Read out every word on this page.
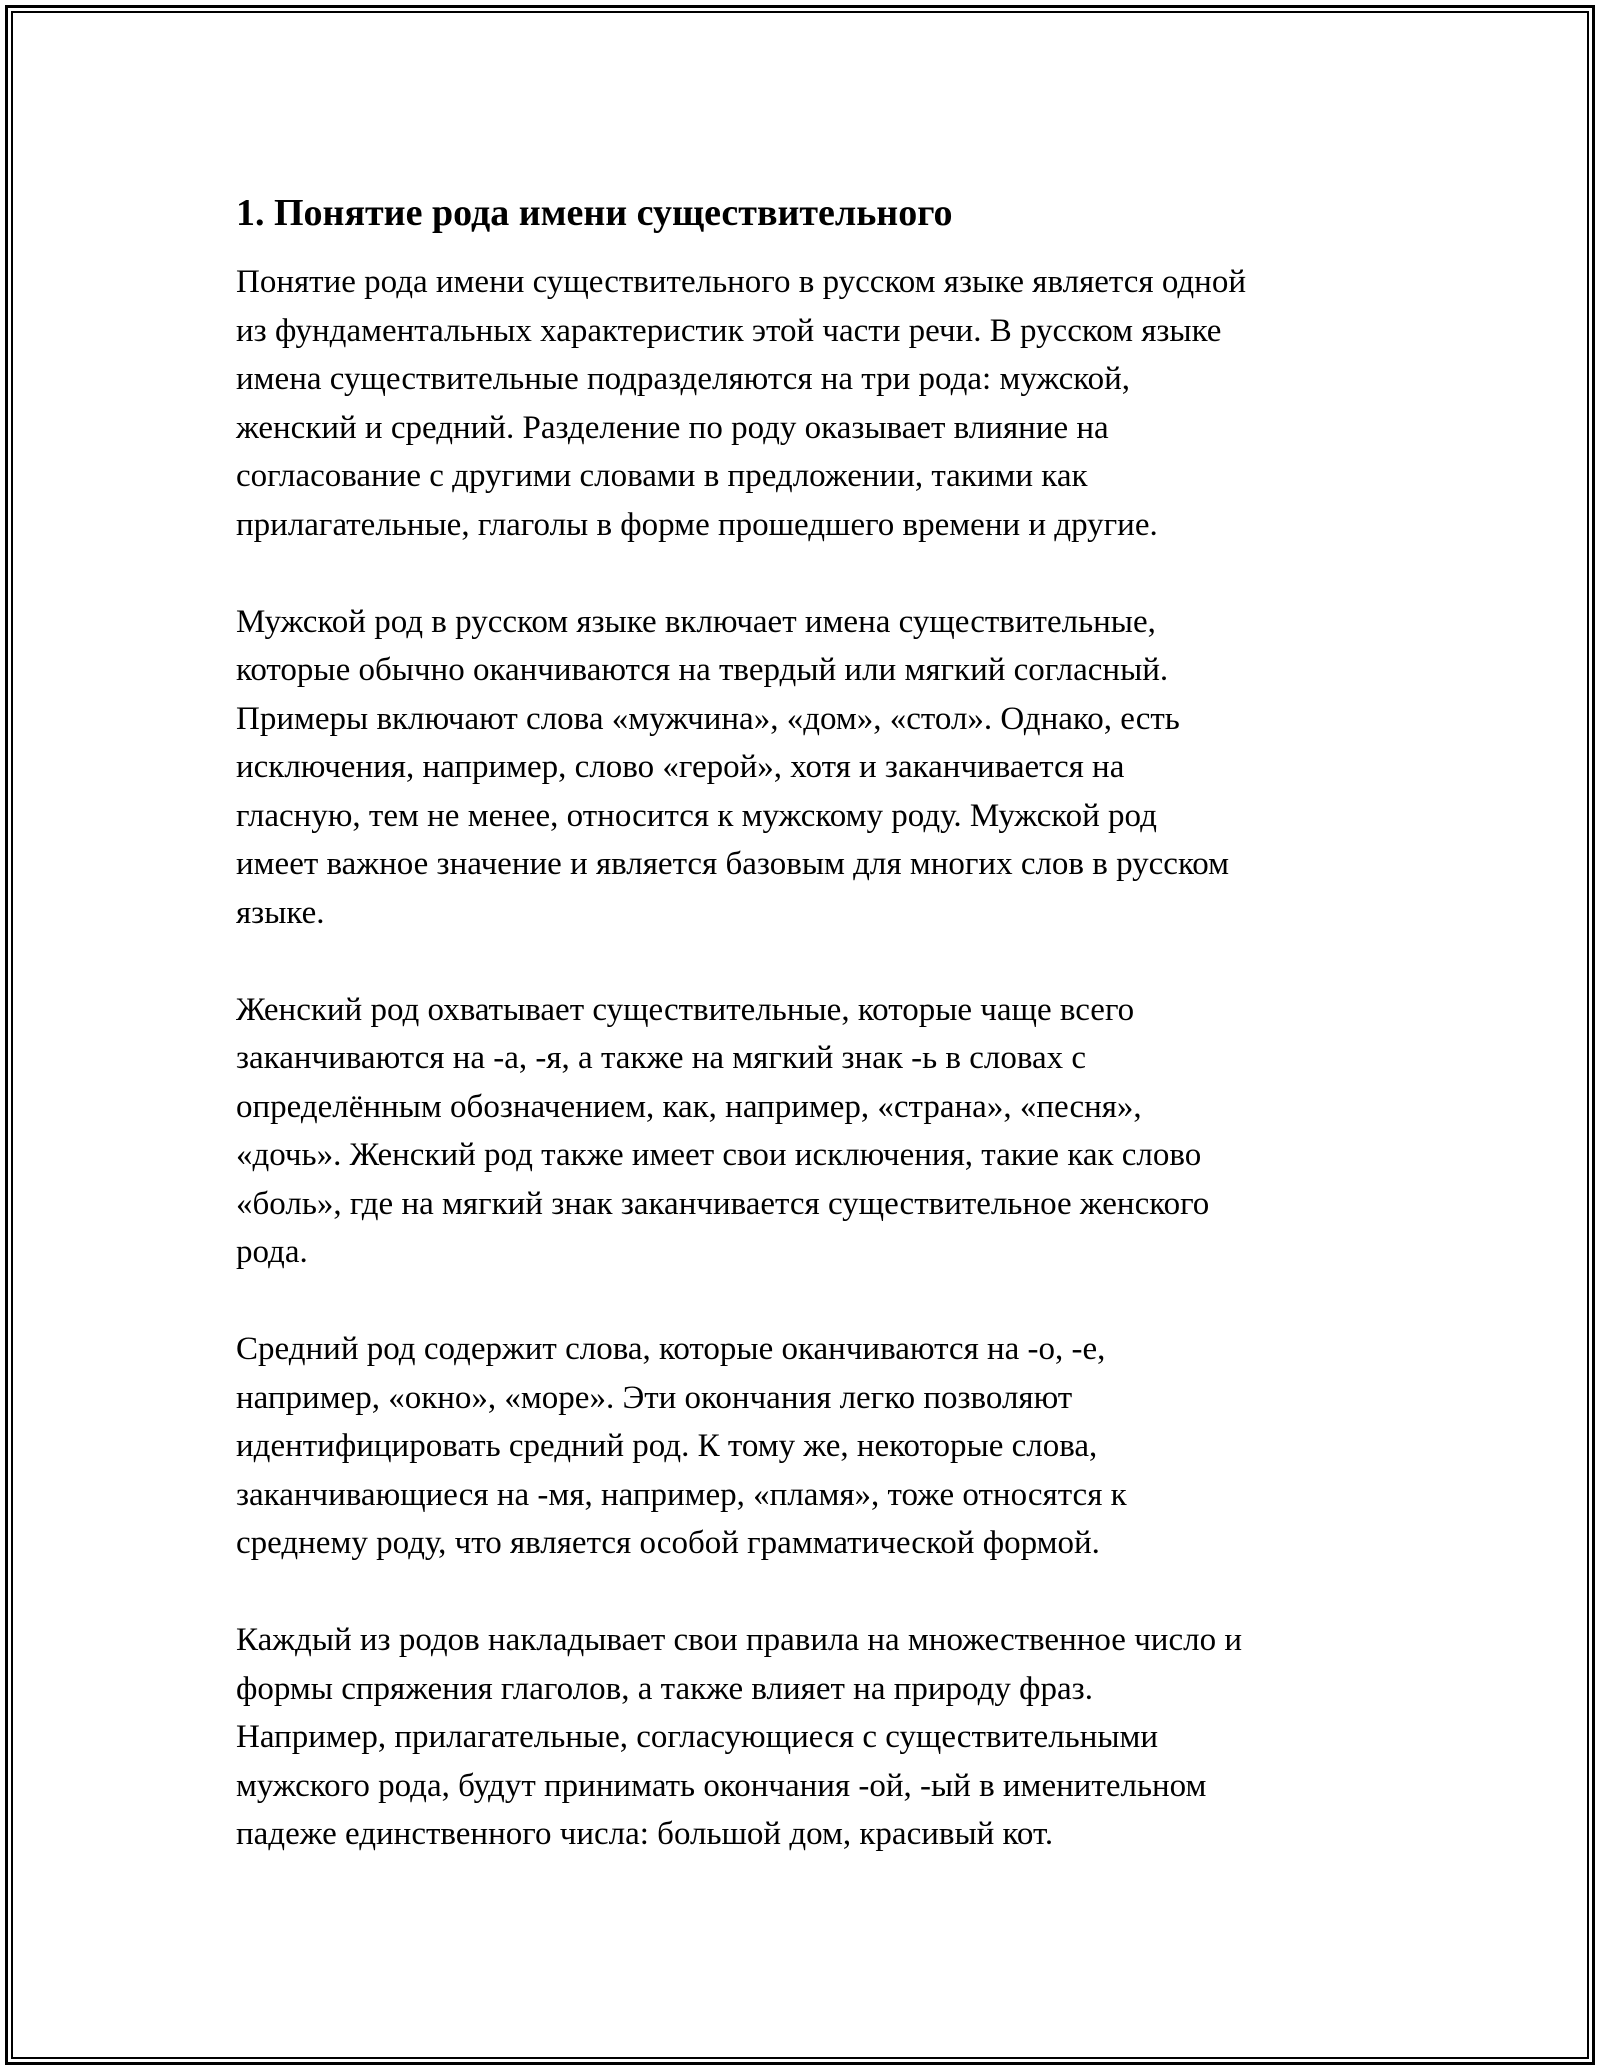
1. Понятие рода имени существительного
Понятие рода имени существительного в русском языке является одной
из фундаментальных характеристик этой части речи. В русском языке
имена существительные подразделяются на три рода: мужской,
женский и средний. Разделение по роду оказывает влияние на
согласование с другими словами в предложении, такими как
прилагательные, глаголы в форме прошедшего времени и другие.
Мужской род в русском языке включает имена существительные,
которые обычно оканчиваются на твердый или мягкий согласный.
Примеры включают слова «мужчина», «дом», «стол». Однако, есть
исключения, например, слово «герой», хотя и заканчивается на
гласную, тем не менее, относится к мужскому роду. Мужской род
имеет важное значение и является базовым для многих слов в русском
языке.
Женский род охватывает существительные, которые чаще всего
заканчиваются на -а, -я, а также на мягкий знак -ь в словах с
определённым обозначением, как, например, «страна», «песня»,
«дочь». Женский род также имеет свои исключения, такие как слово
«боль», где на мягкий знак заканчивается существительное женского
рода.
Средний род содержит слова, которые оканчиваются на -о, -е,
например, «окно», «море». Эти окончания легко позволяют
идентифицировать средний род. К тому же, некоторые слова,
заканчивающиеся на -мя, например, «пламя», тоже относятся к
среднему роду, что является особой грамматической формой.
Каждый из родов накладывает свои правила на множественное число и
формы спряжения глаголов, а также влияет на природу фраз.
Например, прилагательные, согласующиеся с существительными
мужского рода, будут принимать окончания -ой, -ый в именительном
падеже единственного числа: большой дом, красивый кот.
